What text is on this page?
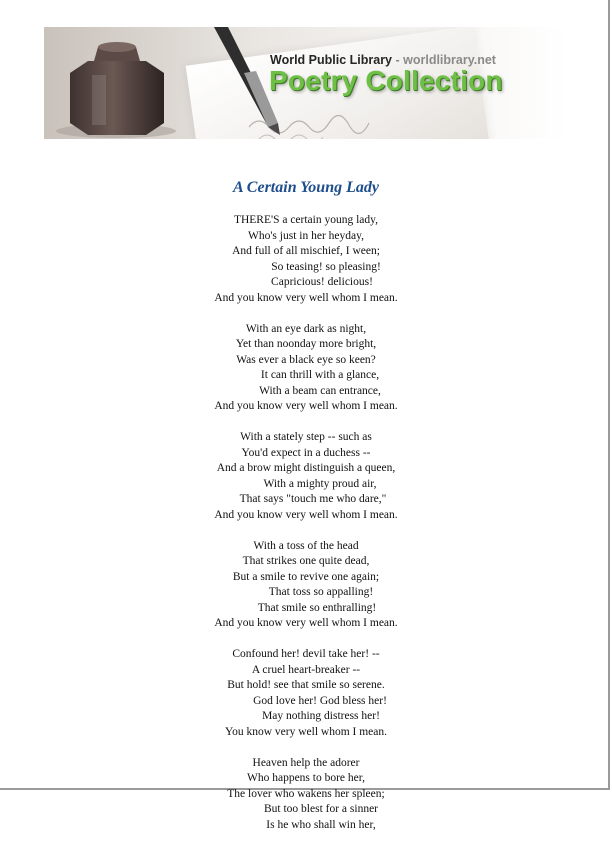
World Public Library - worldlibrary.net
Poetry Collection
A Certain Young Lady
THERE'S a certain young lady,
Who's just in her heyday,
And full of all mischief, I ween;
So teasing! so pleasing!
Capricious! delicious!
And you know very well whom I mean.
With an eye dark as night,
Yet than noonday more bright,
Was ever a black eye so keen?
It can thrill with a glance,
With a beam can entrance,
And you know very well whom I mean.
With a stately step -- such as
You'd expect in a duchess --
And a brow might distinguish a queen,
With a mighty proud air,
That says "touch me who dare,"
And you know very well whom I mean.
With a toss of the head
That strikes one quite dead,
But a smile to revive one again;
That toss so appalling!
That smile so enthralling!
And you know very well whom I mean.
Confound her! devil take her! --
A cruel heart-breaker --
But hold! see that smile so serene.
God love her! God bless her!
May nothing distress her!
You know very well whom I mean.
Heaven help the adorer
Who happens to bore her,
The lover who wakens her spleen;
But too blest for a sinner
Is he who shall win her,
